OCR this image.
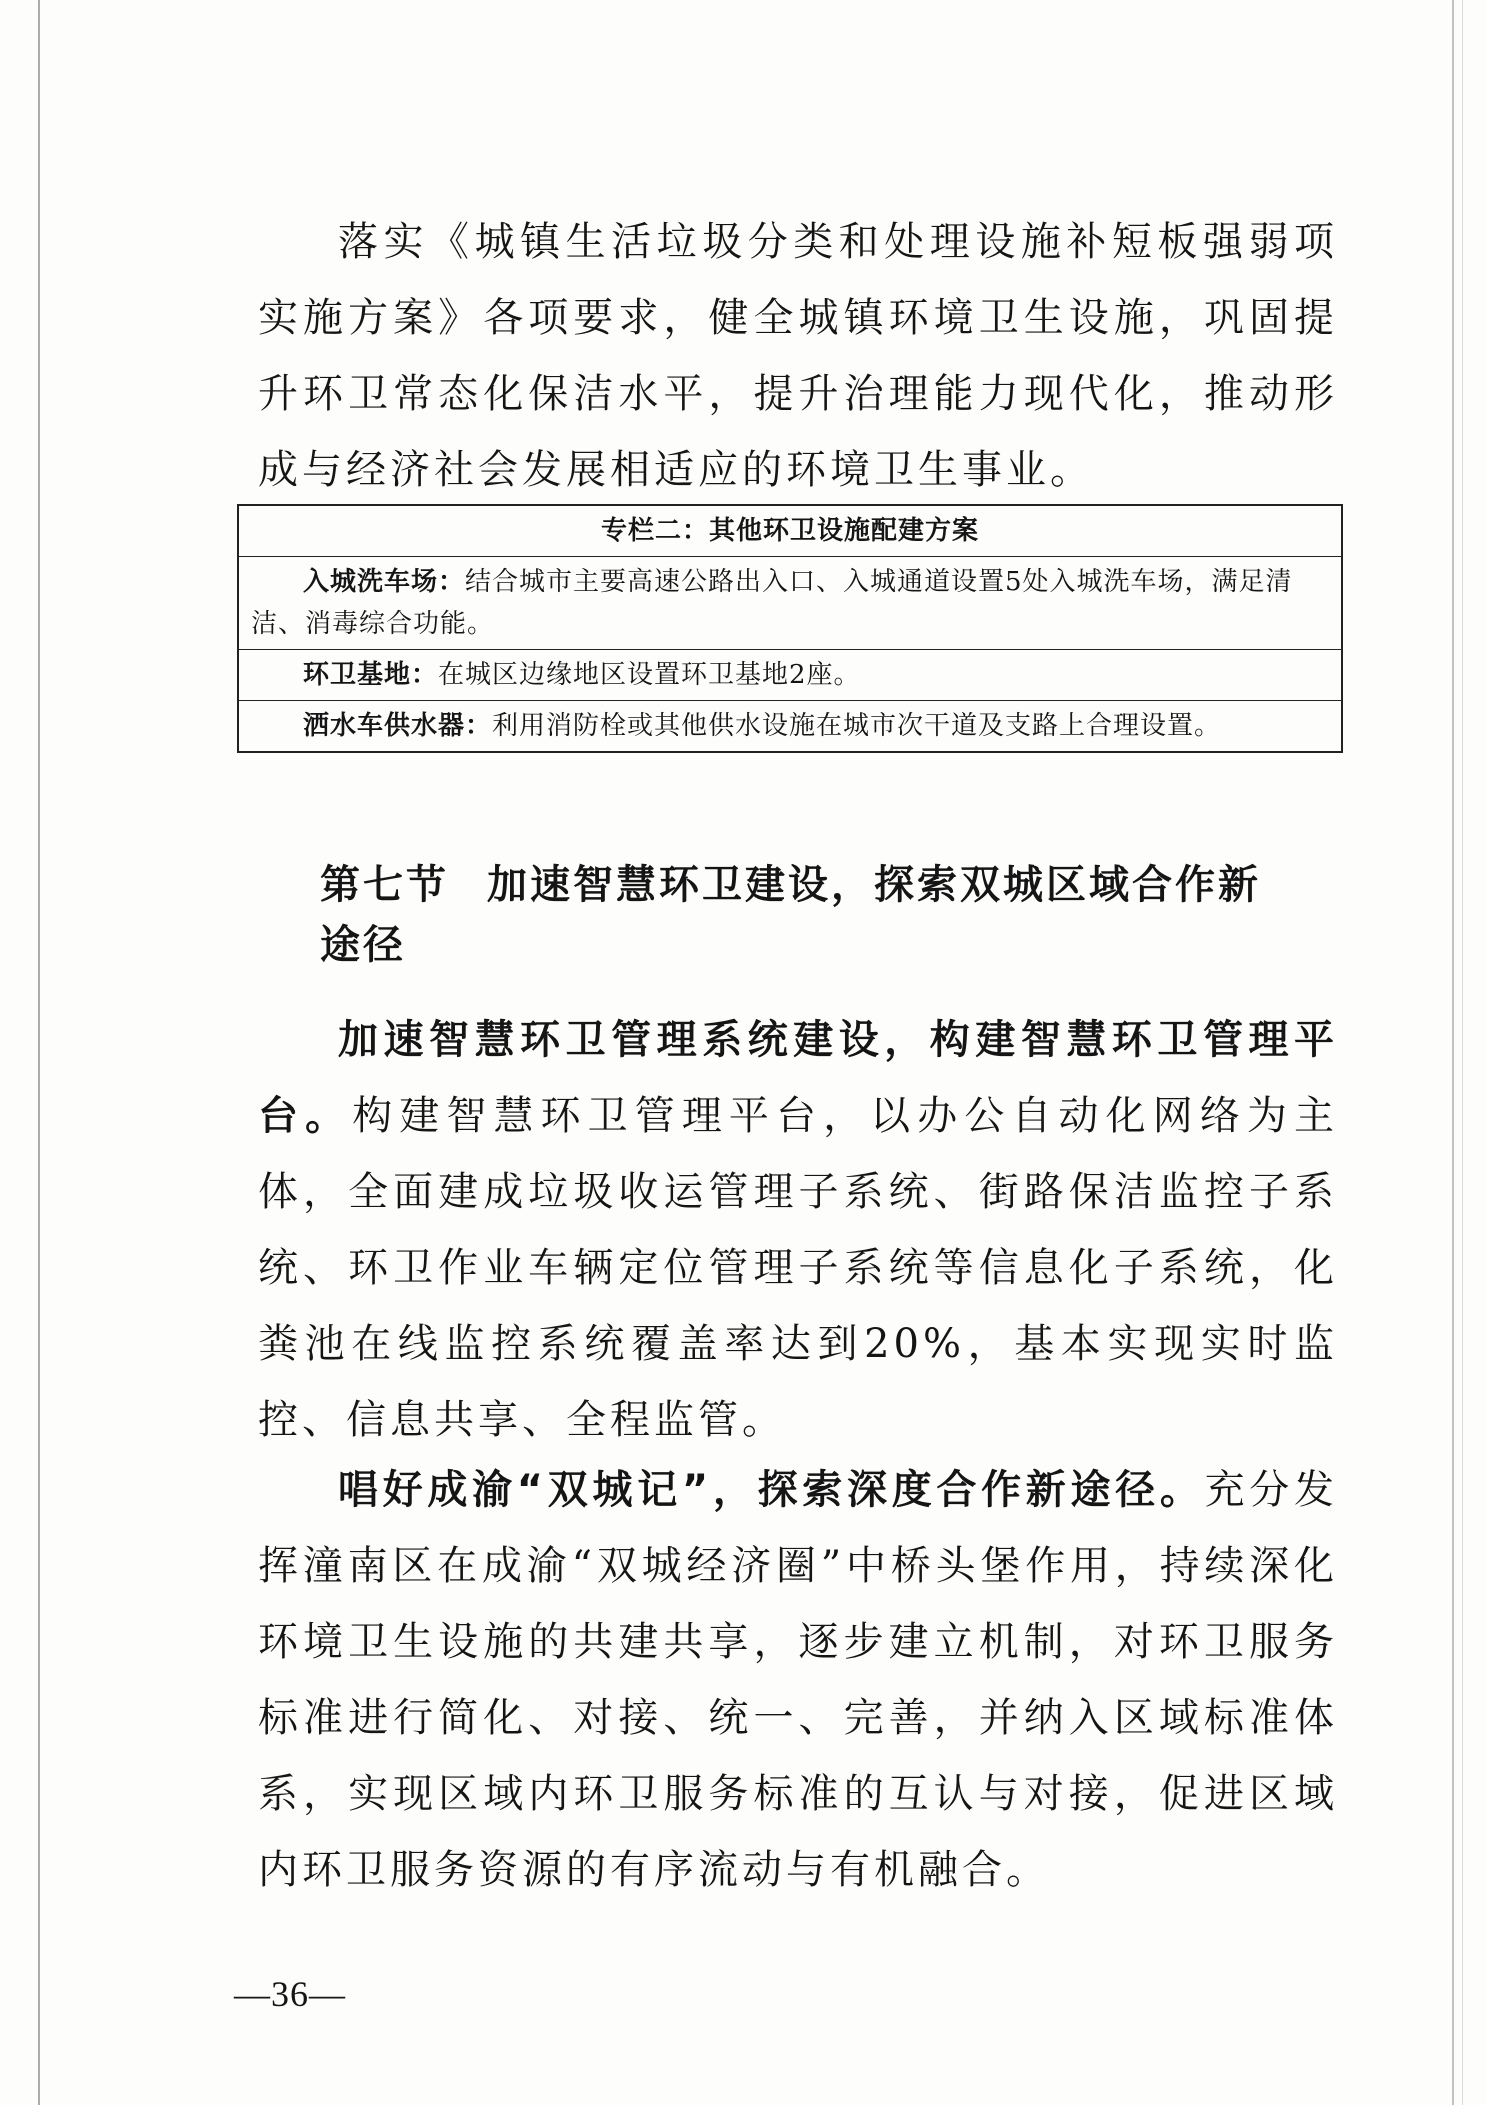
落实《城镇生活垃圾分类和处理设施补短板强弱项实施方案》各项要求，健全城镇环境卫生设施，巩固提升环卫常态化保洁水平，提升治理能力现代化，推动形成与经济社会发展相适应的环境卫生事业。

专栏二：其他环卫设施配建方案
入城洗车场：结合城市主要高速公路出入口、入城通道设置5处入城洗车场，满足清洁、消毒综合功能。
环卫基地：在城区边缘地区设置环卫基地2座。
洒水车供水器：利用消防栓或其他供水设施在城市次干道及支路上合理设置。
第七节 加速智慧环卫建设，探索双城区域合作新途径

加速智慧环卫管理系统建设，构建智慧环卫管理平台。构建智慧环卫管理平台，以办公自动化网络为主体，全面建成垃圾收运管理子系统、街路保洁监控子系统、环卫作业车辆定位管理子系统等信息化子系统，化粪池在线监控系统覆盖率达到20%，基本实现实时监控、信息共享、全程监管。

唱好成渝“双城记”，探索深度合作新途径。充分发挥潼南区在成渝“双城经济圈”中桥头堡作用，持续深化环境卫生设施的共建共享，逐步建立机制，对环卫服务标准进行简化、对接、统一、完善，并纳入区域标准体系，实现区域内环卫服务标准的互认与对接，促进区域内环卫服务资源的有序流动与有机融合。

—36—
